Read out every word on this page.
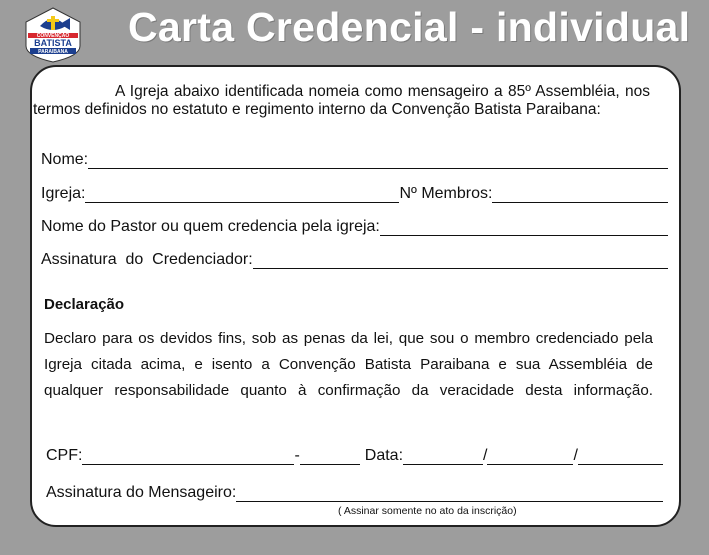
CONVENÇÃO
BATISTA
PARAIBANA
Carta Credencial - individual
A Igreja abaixo identificada nomeia como mensageiro a 85º Assembléia, nos termos definidos no estatuto e regimento interno da Convenção Batista Paraibana:
Nome:
Igreja:	Nº Membros:
Nome do Pastor ou quem credencia pela igreja:
Assinatura  do  Credenciador:
Declaração
Declaro para os devidos fins, sob as penas da lei, que sou o membro credenciado pela
Igreja citada acima, e isento a Convenção Batista Paraibana e sua Assembléia de
qualquer responsabilidade quanto à confirmação da veracidade desta informação.
CPF:	-	Data:	/	/
Assinatura do Mensageiro:
( Assinar somente no ato da inscrição)
